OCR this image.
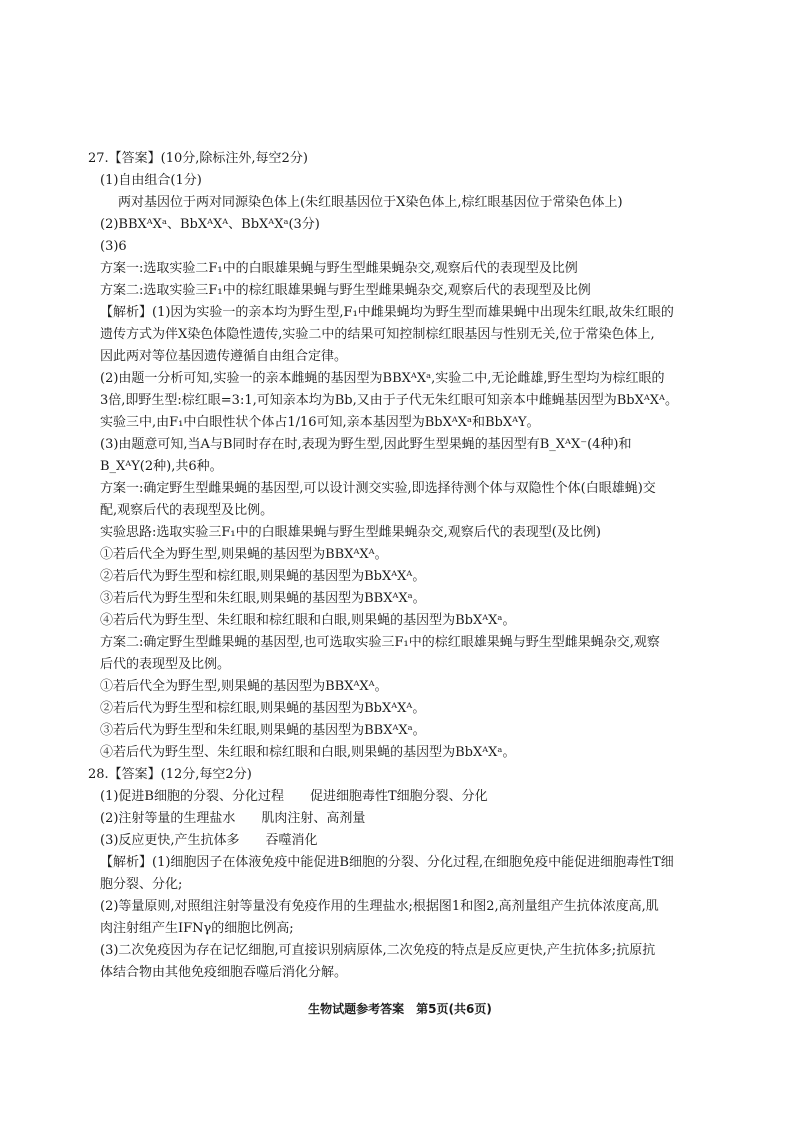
27.【答案】(10分,除标注外,每空2分)
(1)自由组合(1分)
两对基因位于两对同源染色体上(朱红眼基因位于X染色体上,棕红眼基因位于常染色体上)
(2)BBXᴬXᵃ、BbXᴬXᴬ、BbXᴬXᵃ(3分)
(3)6
方案一:选取实验二F₁中的白眼雄果蝇与野生型雌果蝇杂交,观察后代的表现型及比例
方案二:选取实验三F₁中的棕红眼雄果蝇与野生型雌果蝇杂交,观察后代的表现型及比例
【解析】(1)因为实验一的亲本均为野生型,F₁中雌果蝇均为野生型而雄果蝇中出现朱红眼,故朱红眼的
遗传方式为伴X染色体隐性遗传,实验二中的结果可知控制棕红眼基因与性别无关,位于常染色体上,
因此两对等位基因遗传遵循自由组合定律。
(2)由题一分析可知,实验一的亲本雌蝇的基因型为BBXᴬXᵃ,实验二中,无论雌雄,野生型均为棕红眼的
3倍,即野生型:棕红眼=3:1,可知亲本均为Bb,又由于子代无朱红眼可知亲本中雌蝇基因型为BbXᴬXᴬ。
实验三中,由F₁中白眼性状个体占1/16可知,亲本基因型为BbXᴬXᵃ和BbXᴬY。
(3)由题意可知,当A与B同时存在时,表现为野生型,因此野生型果蝇的基因型有B_XᴬX⁻(4种)和
B_XᴬY(2种),共6种。
方案一:确定野生型雌果蝇的基因型,可以设计测交实验,即选择待测个体与双隐性个体(白眼雄蝇)交
配,观察后代的表现型及比例。
实验思路:选取实验三F₁中的白眼雄果蝇与野生型雌果蝇杂交,观察后代的表现型(及比例)
①若后代全为野生型,则果蝇的基因型为BBXᴬXᴬ。
②若后代为野生型和棕红眼,则果蝇的基因型为BbXᴬXᴬ。
③若后代为野生型和朱红眼,则果蝇的基因型为BBXᴬXᵃ。
④若后代为野生型、朱红眼和棕红眼和白眼,则果蝇的基因型为BbXᴬXᵃ。
方案二:确定野生型雌果蝇的基因型,也可选取实验三F₁中的棕红眼雄果蝇与野生型雌果蝇杂交,观察
后代的表现型及比例。
①若后代全为野生型,则果蝇的基因型为BBXᴬXᴬ。
②若后代为野生型和棕红眼,则果蝇的基因型为BbXᴬXᴬ。
③若后代为野生型和朱红眼,则果蝇的基因型为BBXᴬXᵃ。
④若后代为野生型、朱红眼和棕红眼和白眼,则果蝇的基因型为BbXᴬXᵃ。
28.【答案】(12分,每空2分)
(1)促进B细胞的分裂、分化过程　　促进细胞毒性T细胞分裂、分化
(2)注射等量的生理盐水　　肌肉注射、高剂量
(3)反应更快,产生抗体多　　吞噬消化
【解析】(1)细胞因子在体液免疫中能促进B细胞的分裂、分化过程,在细胞免疫中能促进细胞毒性T细
胞分裂、分化;
(2)等量原则,对照组注射等量没有免疫作用的生理盐水;根据图1和图2,高剂量组产生抗体浓度高,肌
肉注射组产生IFNγ的细胞比例高;
(3)二次免疫因为存在记忆细胞,可直接识别病原体,二次免疫的特点是反应更快,产生抗体多;抗原抗
体结合物由其他免疫细胞吞噬后消化分解。
生物试题参考答案　第5页(共6页)
